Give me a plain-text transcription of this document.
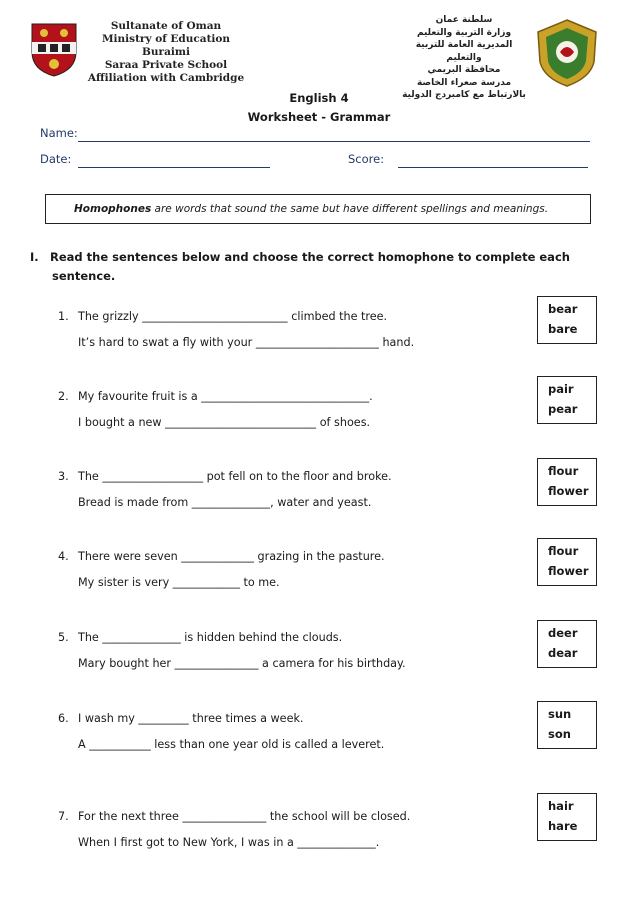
Sultanate of Oman
Ministry of Education
Buraimi
Saraa Private School
Affiliation with Cambridge
سلطنة عمان
وزارة التربية والتعليم
المديرية العامة للتربية والتعليم
محافظة البريمي
مدرسة صعراء الخاصة
بالارتباط مع كامبردج الدولية
English 4
Worksheet - Grammar
Name:
Date:	Score:
Homophones are words that sound the same but have different spellings and meanings.
I. Read the sentences below and choose the correct homophone to complete each
sentence.
1. The grizzly __________________________ climbed the tree.
It’s hard to swat a fly with your ______________________ hand.
bear
bare
2. My favourite fruit is a ______________________________.
I bought a new ___________________________ of shoes.
pair
pear
3. The __________________ pot fell on to the floor and broke.
Bread is made from ______________, water and yeast.
flour
flower
4. There were seven _____________ grazing in the pasture.
My sister is very ____________ to me.
flour
flower
5. The ______________ is hidden behind the clouds.
Mary bought her _______________ a camera for his birthday.
deer
dear
6. I wash my _________ three times a week.
A ___________ less than one year old is called a leveret.
sun
son
7. For the next three _______________ the school will be closed.
When I first got to New York, I was in a ______________.
hair
hare
